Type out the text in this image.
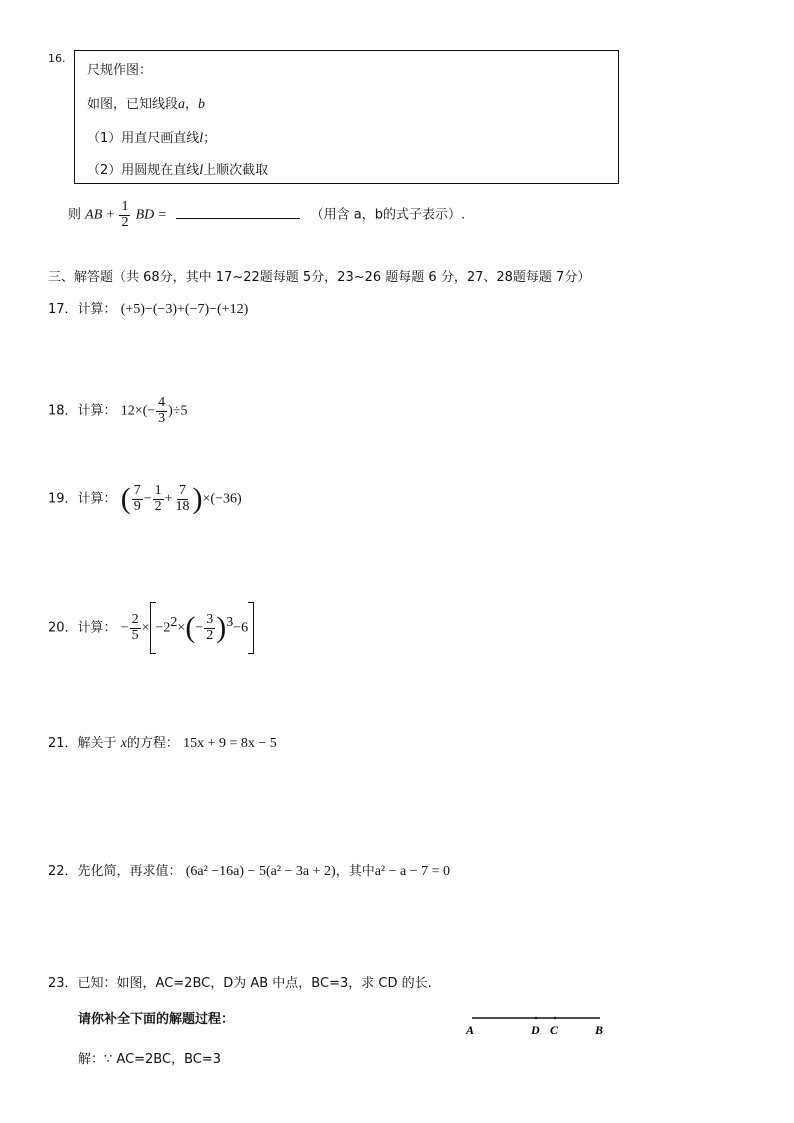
16.
尺规作图：
如图，已知线段a，b
（1）用直尺画直线l；
（2）用圆规在直线l上顺次截取
则 AB + $\frac{1}{2}$ BD =	（用含 a，b的式子表示）.
三、解答题（共 68分，其中 17~22题每题 5分，23~26 题每题 6 分，27、28题每题 7分）
17．计算： (+5)−(−3)+(−7)−(+12)
18．计算： $12\times(- \frac{4}{3} )\div 5$
19．计算： ( $\frac{7}{9} - \frac{1}{2} + \frac{7}{18} )\times(-36)$
20．计算： − $\frac{2}{5} \times -2^2\times(- \frac{3}{2} )^3-6$
21．解关于 x的方程： 15x + 9 = 8x − 5
22．先化简，再求值： (6a² −16a) − 5(a² − 3a + 2)，其中a² − a − 7 = 0
23．已知：如图，AC=2BC，D为 AB 中点，BC=3，求 CD 的长.
请你补全下面的解题过程：
A	D C	B
解：∵ AC=2BC，BC=3
